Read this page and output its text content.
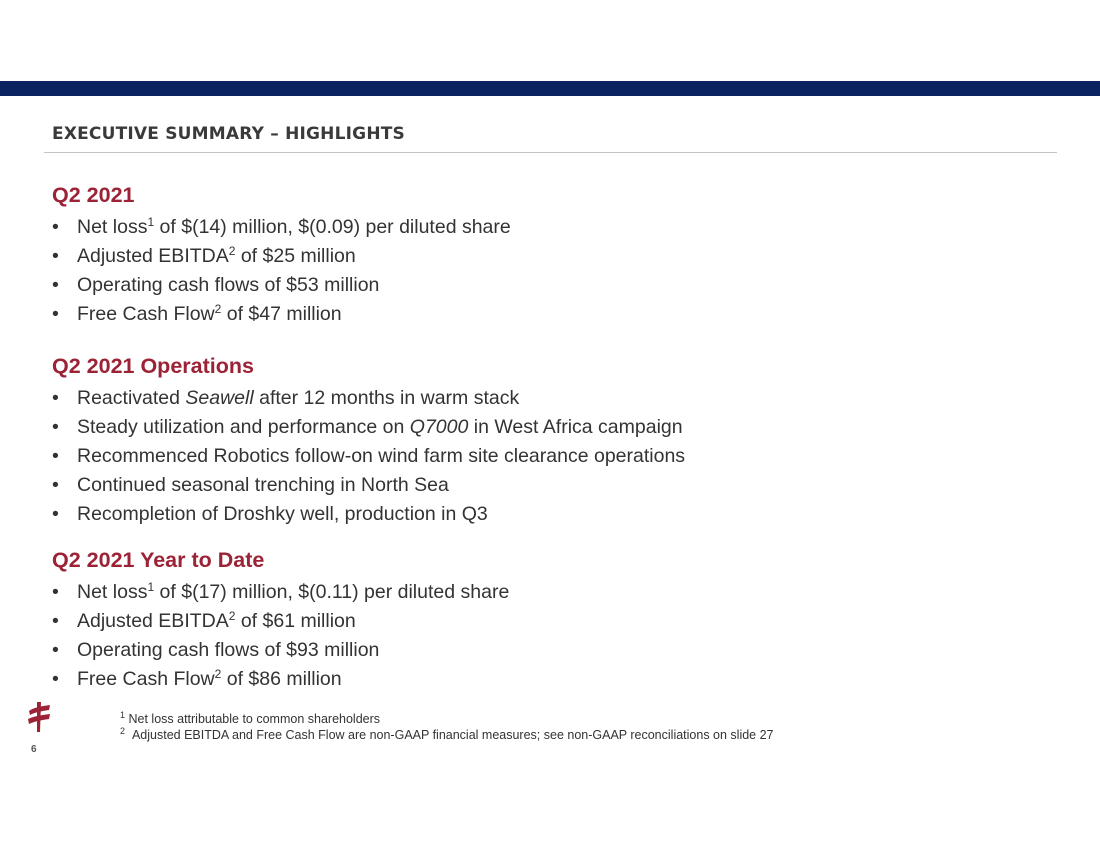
EXECUTIVE SUMMARY – HIGHLIGHTS
Q2 2021
• Net loss$^1$ of $(14) million, $(0.09) per diluted share
• Adjusted EBITDA$^2$ of $25 million
• Operating cash flows of $53 million
• Free Cash Flow$^2$ of $47 million
Q2 2021 Operations
• Reactivated Seawell after 12 months in warm stack
• Steady utilization and performance on Q7000 in West Africa campaign
• Recommenced Robotics follow-on wind farm site clearance operations
• Continued seasonal trenching in North Sea
• Recompletion of Droshky well, production in Q3
Q2 2021 Year to Date
• Net loss$^1$ of $(17) million, $(0.11) per diluted share
• Adjusted EBITDA$^2$ of $61 million
• Operating cash flows of $93 million
• Free Cash Flow$^2$ of $86 million
6
$^1$ Net loss attributable to common shareholders
$^2$ Adjusted EBITDA and Free Cash Flow are non-GAAP financial measures; see non-GAAP reconciliations on slide 27
